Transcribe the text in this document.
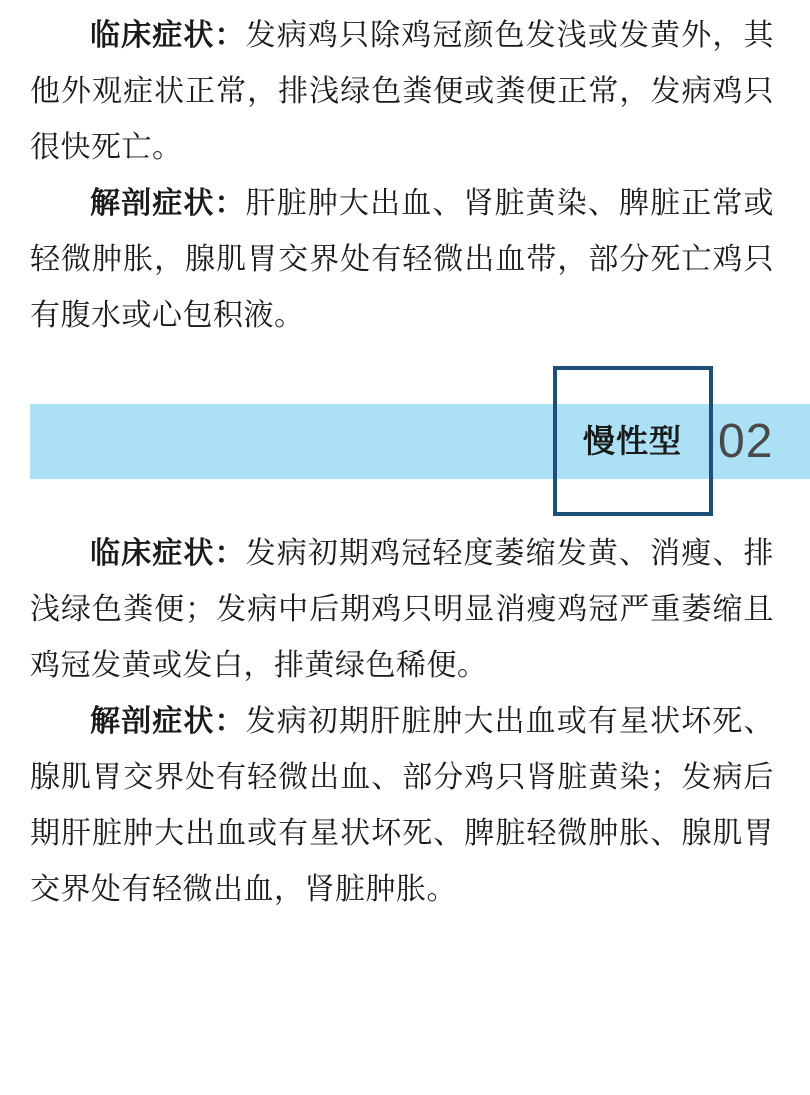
临床症状：发病鸡只除鸡冠颜色发浅或发黄外，其他外观症状正常，排浅绿色粪便或粪便正常，发病鸡只很快死亡。

解剖症状：肝脏肿大出血、肾脏黄染、脾脏正常或轻微肿胀，腺肌胃交界处有轻微出血带，部分死亡鸡只有腹水或心包积液。

慢性型 02

临床症状：发病初期鸡冠轻度萎缩发黄、消瘦、排浅绿色粪便；发病中后期鸡只明显消瘦鸡冠严重萎缩且鸡冠发黄或发白，排黄绿色稀便。

解剖症状：发病初期肝脏肿大出血或有星状坏死、腺肌胃交界处有轻微出血、部分鸡只肾脏黄染；发病后期肝脏肿大出血或有星状坏死、脾脏轻微肿胀、腺肌胃交界处有轻微出血，肾脏肿胀。
